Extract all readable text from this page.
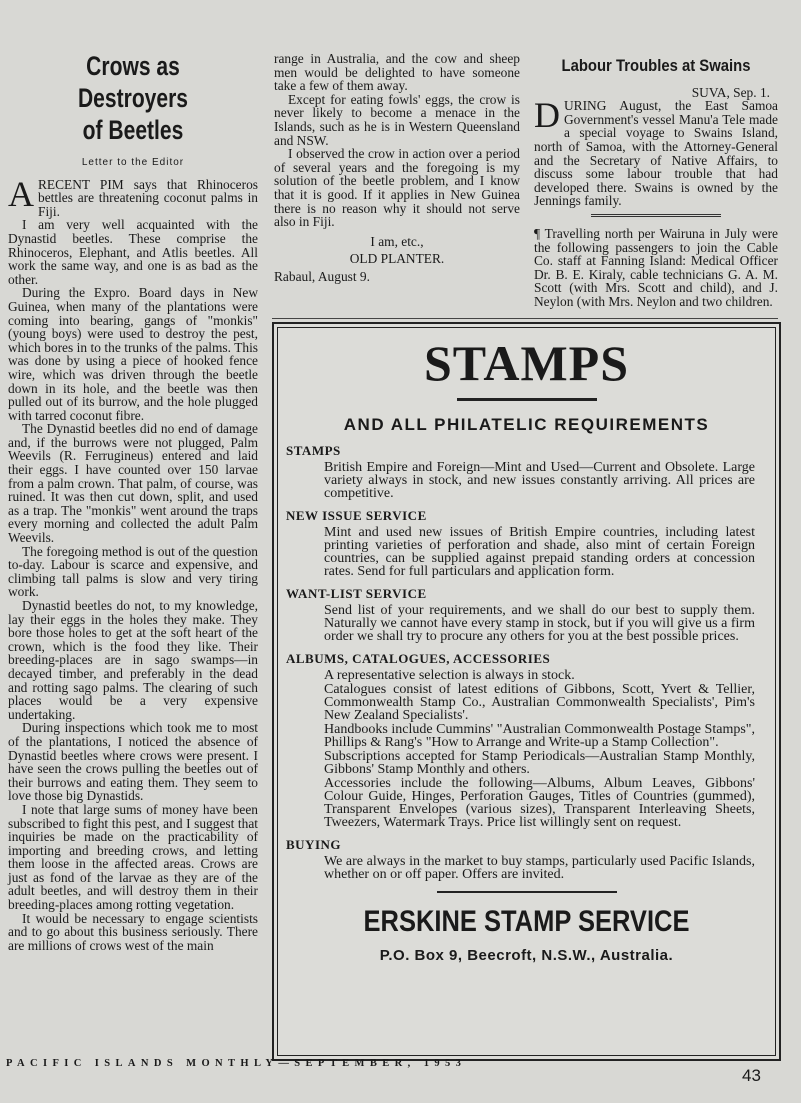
Crows as Destroyers
of Beetles
Letter to the Editor

ARECENT PIM says that Rhinoceros bettles are threatening coconut palms in Fiji.

I am very well acquainted with the Dynastid beetles. These comprise the Rhinoceros, Elephant, and Atlis beetles. All work the same way, and one is as bad as the other.

During the Expro. Board days in New Guinea, when many of the plantations were coming into bearing, gangs of "monkis" (young boys) were used to destroy the pest, which bores in to the trunks of the palms. This was done by using a piece of hooked fence wire, which was driven through the beetle down in its hole, and the beetle was then pulled out of its burrow, and the hole plugged with tarred coconut fibre.

The Dynastid beetles did no end of damage and, if the burrows were not plugged, Palm Weevils (R. Ferrugineus) entered and laid their eggs. I have counted over 150 larvae from a palm crown. That palm, of course, was ruined. It was then cut down, split, and used as a trap. The "monkis" went around the traps every morning and collected the adult Palm Weevils.

The foregoing method is out of the question to-day. Labour is scarce and expensive, and climbing tall palms is slow and very tiring work.

Dynastid beetles do not, to my knowledge, lay their eggs in the holes they make. They bore those holes to get at the soft heart of the crown, which is the food they like. Their breeding-places are in sago swamps—in decayed timber, and preferably in the dead and rotting sago palms. The clearing of such places would be a very expensive undertaking.

During inspections which took me to most of the plantations, I noticed the absence of Dynastid beetles where crows were present. I have seen the crows pulling the beetles out of their burrows and eating them. They seem to love those big Dynastids.

I note that large sums of money have been subscribed to fight this pest, and I suggest that inquiries be made on the practicability of importing and breeding crows, and letting them loose in the affected areas. Crows are just as fond of the larvae as they are of the adult beetles, and will destroy them in their breeding-places among rotting vegetation.

It would be necessary to engage scientists and to go about this business seriously. There are millions of crows west of the main

range in Australia, and the cow and sheep men would be delighted to have someone take a few of them away.

Except for eating fowls' eggs, the crow is never likely to become a menace in the Islands, such as he is in Western Queensland and NSW.

I observed the crow in action over a period of several years and the foregoing is my solution of the beetle problem, and I know that it is good. If it applies in New Guinea there is no reason why it should not serve also in Fiji.

I am, etc.,

OLD PLANTER.

Rabaul, August 9.

Labour Troubles at Swains

SUVA, Sep. 1.

DURING August, the East Samoa Government's vessel Manu'a Tele made a special voyage to Swains Island, north of Samoa, with the Attorney-General and the Secretary of Native Affairs, to discuss some labour trouble that had developed there. Swains is owned by the Jennings family.

¶ Travelling north per Wairuna in July were the following passengers to join the Cable Co. staff at Fanning Island: Medical Officer Dr. B. E. Kiraly, cable technicians G. A. M. Scott (with Mrs. Scott and child), and J. Neylon (with Mrs. Neylon and two children.

STAMPS
AND ALL PHILATELIC REQUIREMENTS
STAMPS

British Empire and Foreign—Mint and Used—Current and Obsolete. Large variety always in stock, and new issues constantly arriving. All prices are competitive.

NEW ISSUE SERVICE

Mint and used new issues of British Empire countries, including latest printing varieties of perforation and shade, also mint of certain Foreign countries, can be supplied against prepaid standing orders at concession rates. Send for full particulars and application form.

WANT-LIST SERVICE

Send list of your requirements, and we shall do our best to supply them. Naturally we cannot have every stamp in stock, but if you will give us a firm order we shall try to procure any others for you at the best possible prices.

ALBUMS, CATALOGUES, ACCESSORIES

A representative selection is always in stock.

Catalogues consist of latest editions of Gibbons, Scott, Yvert & Tellier, Commonwealth Stamp Co., Australian Commonwealth Specialists', Pim's New Zealand Specialists'.

Handbooks include Cummins' "Australian Commonwealth Postage Stamps", Phillips & Rang's "How to Arrange and Write-up a Stamp Collection".

Subscriptions accepted for Stamp Periodicals—Australian Stamp Monthly, Gibbons' Stamp Monthly and others.

Accessories include the following—Albums, Album Leaves, Gibbons' Colour Guide, Hinges, Perforation Gauges, Titles of Countries (gummed), Transparent Envelopes (various sizes), Transparent Interleaving Sheets, Tweezers, Watermark Trays. Price list willingly sent on request.

BUYING

We are always in the market to buy stamps, particularly used Pacific Islands, whether on or off paper. Offers are invited.

ERSKINE STAMP SERVICE
P.O. Box 9, Beecroft, N.S.W., Australia.
PACIFIC ISLANDS MONTHLY—SEPTEMBER, 1953
43
